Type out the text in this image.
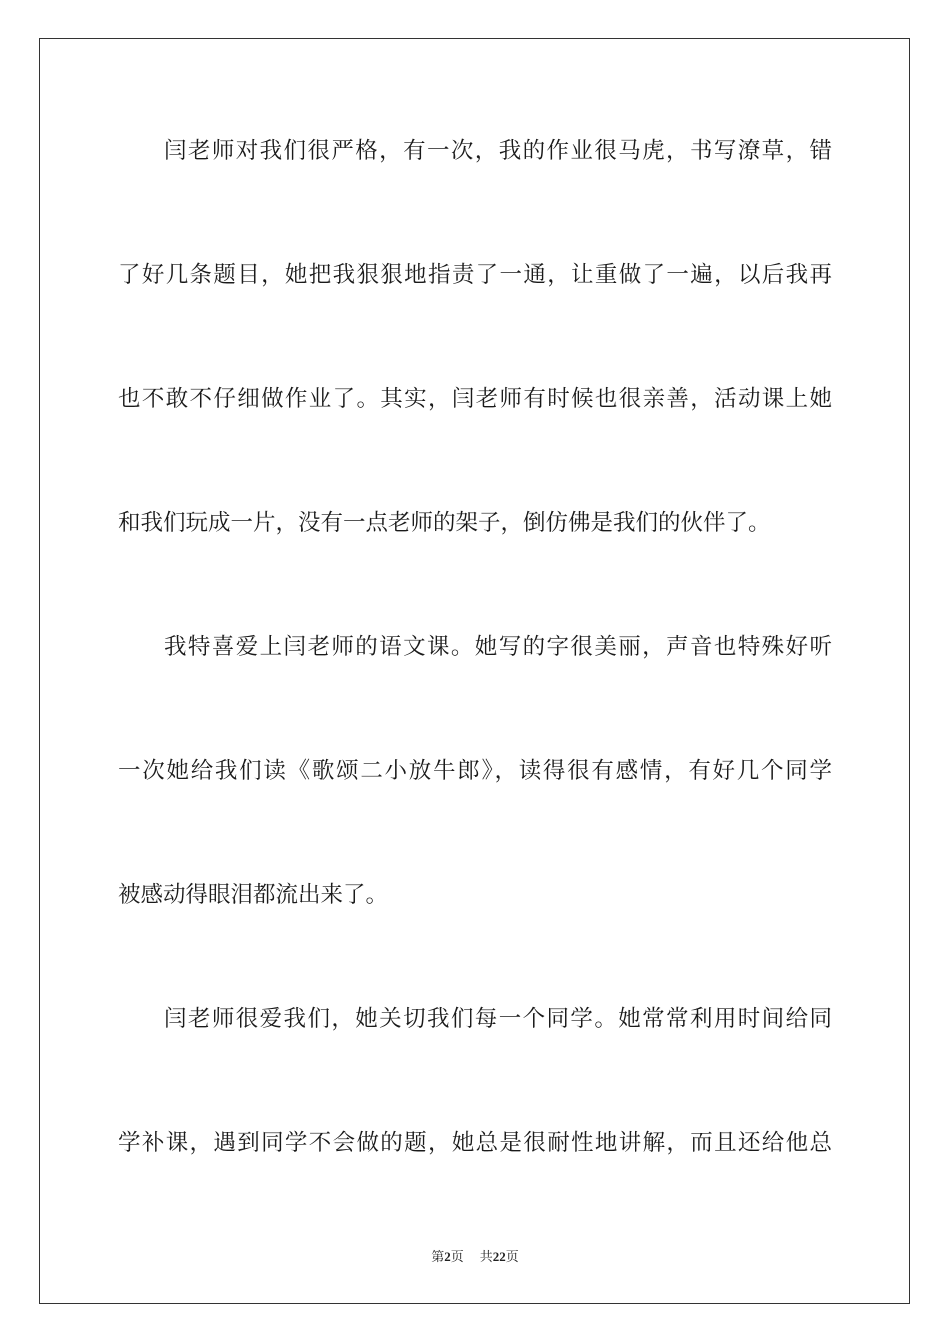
闫老师对我们很严格，有一次，我的作业很马虎，书写潦草，错
了好几条题目，她把我狠狠地指责了一通，让重做了一遍，以后我再
也不敢不仔细做作业了。其实，闫老师有时候也很亲善，活动课上她
和我们玩成一片，没有一点老师的架子，倒仿佛是我们的伙伴了。
我特喜爱上闫老师的语文课。她写的字很美丽，声音也特殊好听
一次她给我们读《歌颂二小放牛郎》，读得很有感情，有好几个同学
被感动得眼泪都流出来了。
闫老师很爱我们，她关切我们每一个同学。她常常利用时间给同
学补课，遇到同学不会做的题，她总是很耐性地讲解，而且还给他总
第2页 共22页
